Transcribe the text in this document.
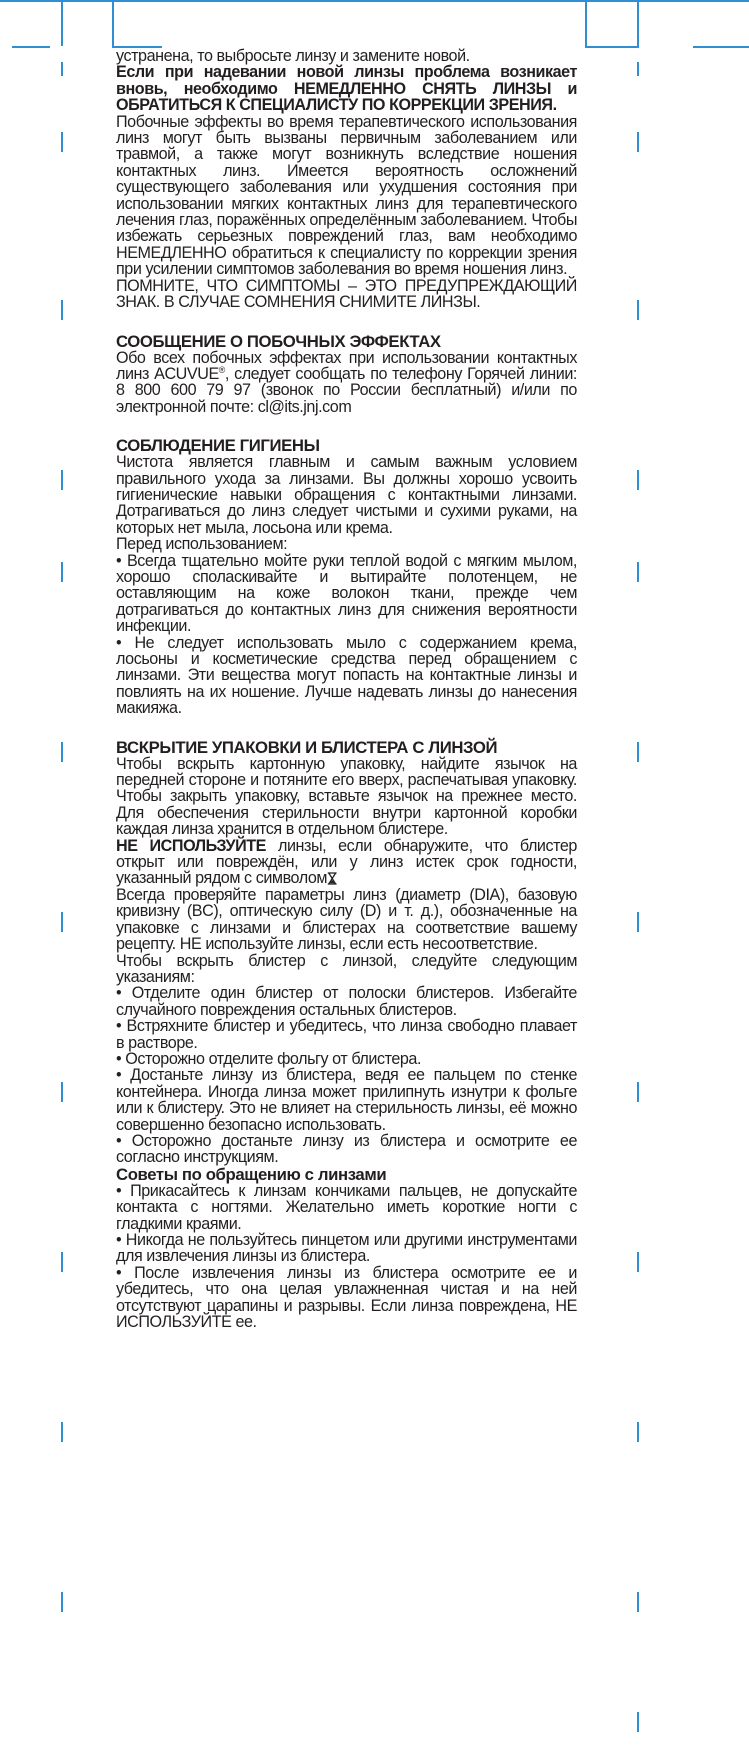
устранена, то выбросьте линзу и замените новой.

Если при надевании новой линзы проблема возникает вновь, необходимо НЕМЕДЛЕННО СНЯТЬ ЛИНЗЫ и ОБРАТИТЬСЯ К СПЕЦИАЛИСТУ ПО КОРРЕКЦИИ ЗРЕНИЯ.

Побочные эффекты во время терапевтического использования линз могут быть вызваны первичным заболеванием или травмой, а также могут возникнуть вследствие ношения контактных линз. Имеется вероятность осложнений существующего заболевания или ухудшения состояния при использовании мягких контактных линз для терапевтического лечения глаз, поражённых определённым заболеванием. Чтобы избежать серьезных повреждений глаз, вам необходимо НЕМЕДЛЕННО обратиться к специалисту по коррекции зрения при усилении симптомов заболевания во время ношения линз.

ПОМНИТЕ, ЧТО СИМПТОМЫ – ЭТО ПРЕДУПРЕЖДАЮЩИЙ ЗНАК. В СЛУЧАЕ СОМНЕНИЯ СНИМИТЕ ЛИНЗЫ.

СООБЩЕНИЕ О ПОБОЧНЫХ ЭФФЕКТАХ

Обо всех побочных эффектах при использовании контактных линз ACUVUE®, следует сообщать по телефону Горячей линии: 8 800 600 79 97 (звонок по России бесплатный) и/или по электронной почте: cl@its.jnj.com

СОБЛЮДЕНИЕ ГИГИЕНЫ

Чистота является главным и самым важным условием правильного ухода за линзами. Вы должны хорошо усвоить гигиенические навыки обращения с контактными линзами. Дотрагиваться до линз следует чистыми и сухими руками, на которых нет мыла, лосьона или крема.

Перед использованием:

• Всегда тщательно мойте руки теплой водой с мягким мылом, хорошо споласкивайте и вытирайте полотенцем, не оставляющим на коже волокон ткани, прежде чем дотрагиваться до контактных линз для снижения вероятности инфекции.

• Не следует использовать мыло с содержанием крема, лосьоны и косметические средства перед обращением с линзами. Эти вещества могут попасть на контактные линзы и повлиять на их ношение. Лучше надевать линзы до нанесения макияжа.

ВСКРЫТИЕ УПАКОВКИ И БЛИСТЕРА С ЛИНЗОЙ

Чтобы вскрыть картонную упаковку, найдите язычок на передней стороне и потяните его вверх, распечатывая упаковку. Чтобы закрыть упаковку, вставьте язычок на прежнее место. Для обеспечения стерильности внутри картонной коробки каждая линза хранится в отдельном блистере.

НЕ ИСПОЛЬЗУЙТЕ линзы, если обнаружите, что блистер открыт или повреждён, или у линз истек срок годности, указанный рядом с символом

Всегда проверяйте параметры линз (диаметр (DIA), базовую кривизну (BC), оптическую силу (D) и т. д.), обозначенные на упаковке с линзами и блистерах на соответствие вашему рецепту. НЕ используйте линзы, если есть несоответствие.

Чтобы вскрыть блистер с линзой, следуйте следующим указаниям:

• Отделите один блистер от полоски блистеров. Избегайте случайного повреждения остальных блистеров.

• Встряхните блистер и убедитесь, что линза свободно плавает в растворе.

• Осторожно отделите фольгу от блистера.

• Достаньте линзу из блистера, ведя ее пальцем по стенке контейнера. Иногда линза может прилипнуть изнутри к фольге или к блистеру. Это не влияет на стерильность линзы, её можно совершенно безопасно использовать.

• Осторожно достаньте линзу из блистера и осмотрите ее согласно инструкциям.

Советы по обращению с линзами

• Прикасайтесь к линзам кончиками пальцев, не допускайте контакта с ногтями. Желательно иметь короткие ногти с гладкими краями.

• Никогда не пользуйтесь пинцетом или другими инструментами для извлечения линзы из блистера.

• После извлечения линзы из блистера осмотрите ее и убедитесь, что она целая увлажненная чистая и на ней отсутствуют царапины и разрывы. Если линза повреждена, НЕ ИСПОЛЬЗУЙТЕ ее.
